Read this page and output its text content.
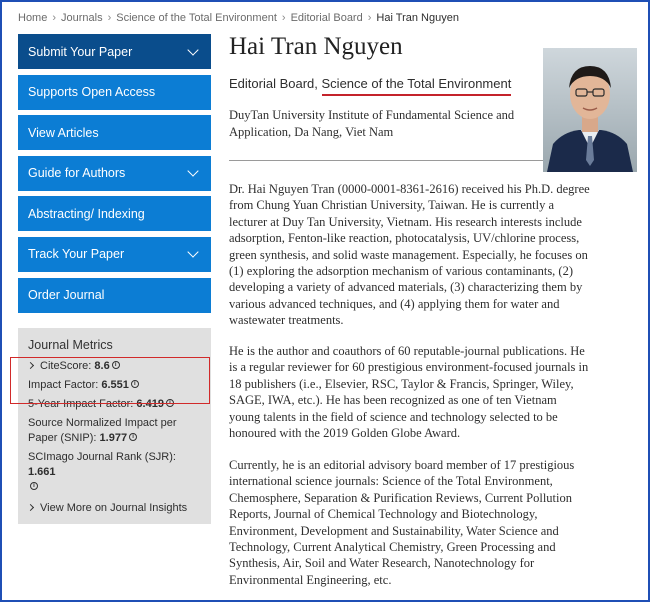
Home › Journals › Science of the Total Environment › Editorial Board › Hai Tran Nguyen
Submit Your Paper
Supports Open Access
View Articles
Guide for Authors
Abstracting/ Indexing
Track Your Paper
Order Journal
Journal Metrics
CiteScore: 8.6 i
Impact Factor: 6.551 i
5-Year Impact Factor: 6.419 i
Source Normalized Impact per Paper (SNIP): 1.977 i
SCImago Journal Rank (SJR): 1.661
i
View More on Journal Insights
Hai Tran Nguyen
Editorial Board, Science of the Total Environment
DuyTan University Institute of Fundamental Science and Application, Da Nang, Viet Nam
Dr. Hai Nguyen Tran (0000-0001-8361-2616) received his Ph.D. degree from Chung Yuan Christian University, Taiwan. He is currently a lecturer at Duy Tan University, Vietnam. His research interests include adsorption, Fenton-like reaction, photocatalysis, UV/chlorine process, green synthesis, and solid waste management. Especially, he focuses on (1) exploring the adsorption mechanism of various contaminants, (2) developing a variety of advanced materials, (3) characterizing them by various advanced techniques, and (4) applying them for water and wastewater treatments.
He is the author and coauthors of 60 reputable-journal publications. He is a regular reviewer for 60 prestigious environment-focused journals in 18 publishers (i.e., Elsevier, RSC, Taylor & Francis, Springer, Wiley, SAGE, IWA, etc.). He has been recognized as one of ten Vietnam young talents in the field of science and technology selected to be honoured with the 2019 Golden Globe Award.
Currently, he is an editorial advisory board member of 17 prestigious international science journals: Science of the Total Environment, Chemosphere, Separation & Purification Reviews, Current Pollution Reports, Journal of Chemical Technology and Biotechnology, Environment, Development and Sustainability, Water Science and Technology, Current Analytical Chemistry, Green Processing and Synthesis, Air, Soil and Water Research, Nanotechnology for Environmental Engineering, etc.
